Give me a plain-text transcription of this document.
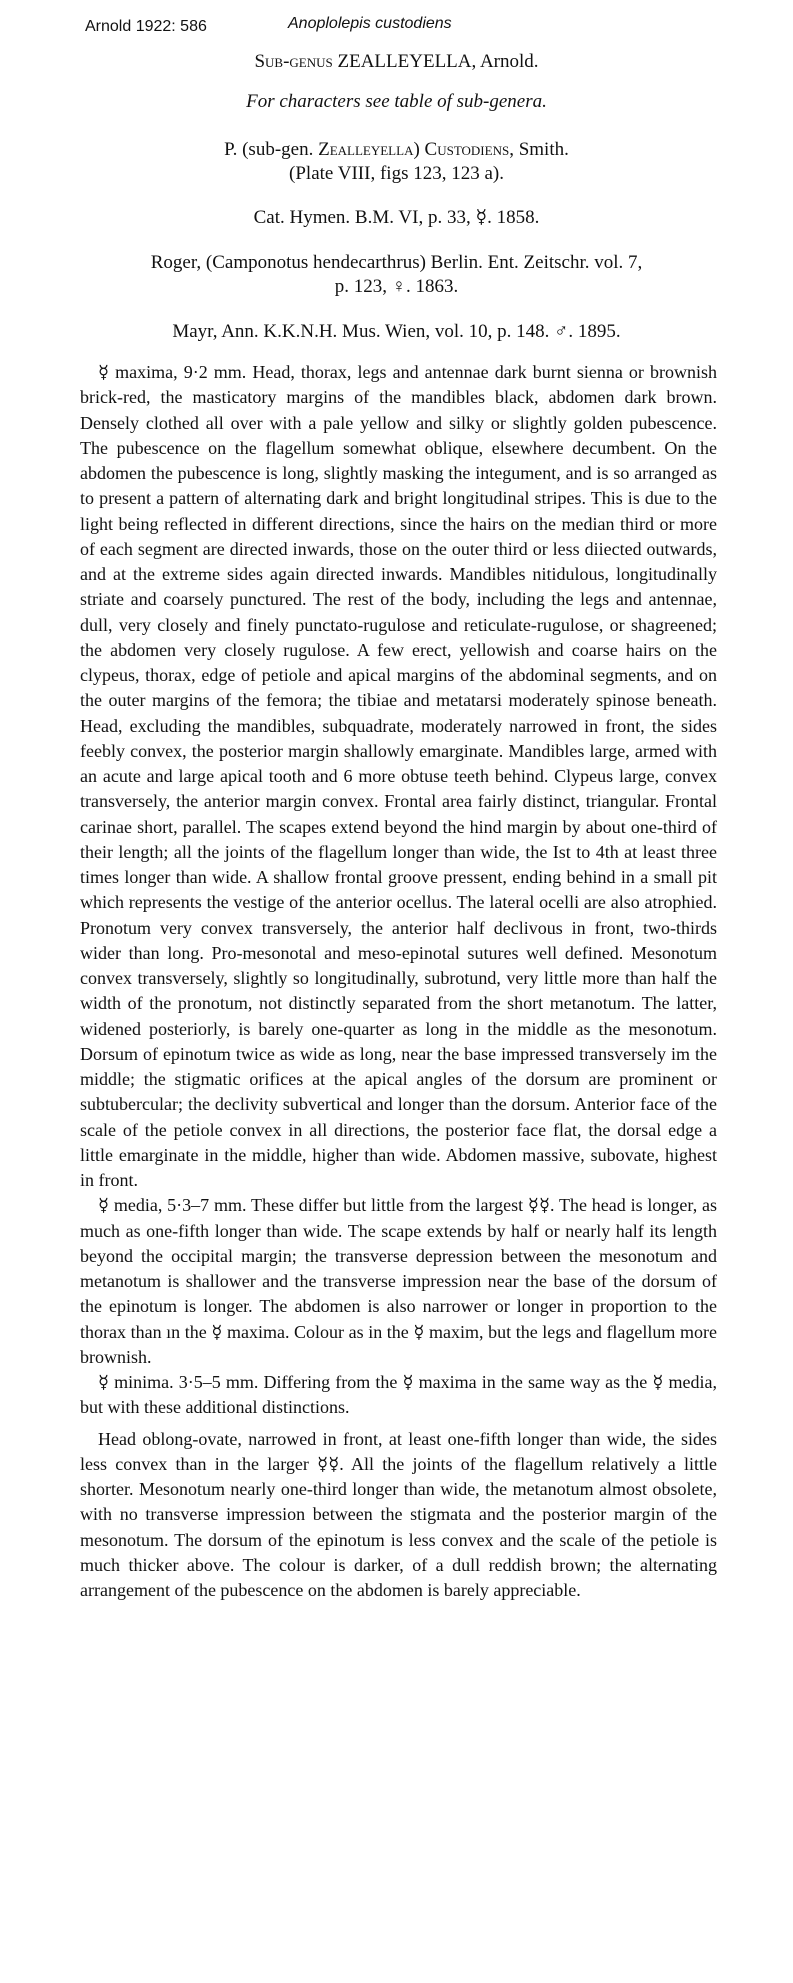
Arnold 1922: 586	Anoplolepis custodiens
Sub-genus ZEALLEYELLA, Arnold.
For characters see table of sub-genera.
P. (sub-gen. Zealleyella) Custodiens, Smith.
(Plate VIII, figs 123, 123 a).
Cat. Hymen. B.M. VI, p. 33, ☿. 1858.
Roger, (Camponotus hendecarthrus) Berlin. Ent. Zeitschr. vol. 7,
p. 123, ♀. 1863.
Mayr, Ann. K.K.N.H. Mus. Wien, vol. 10, p. 148. ♂. 1895.

☿ maxima, 9·2 mm. Head, thorax, legs and antennae dark burnt sienna or brownish brick-red, the masticatory margins of the mandibles black, abdomen dark brown. Densely clothed all over with a pale yellow and silky or slightly golden pubescence. The pubescence on the flagellum somewhat oblique, elsewhere decumbent. On the abdomen the pubescence is long, slightly masking the integument, and is so arranged as to present a pattern of alternating dark and bright longitudinal stripes. This is due to the light being reflected in different directions, since the hairs on the median third or more of each segment are directed inwards, those on the outer third or less diiected outwards, and at the extreme sides again directed inwards. Mandibles nitidulous, longitudinally striate and coarsely punctured. The rest of the body, including the legs and antennae, dull, very closely and finely punctato-rugulose and reticulate-rugulose, or shagreened; the abdomen very closely rugulose. A few erect, yellowish and coarse hairs on the clypeus, thorax, edge of petiole and apical margins of the abdominal segments, and on the outer margins of the femora; the tibiae and metatarsi moderately spinose beneath. Head, excluding the mandibles, subquadrate, moderately narrowed in front, the sides feebly convex, the posterior margin shallowly emarginate. Mandibles large, armed with an acute and large apical tooth and 6 more obtuse teeth behind. Clypeus large, convex transversely, the anterior margin convex. Frontal area fairly distinct, triangular. Frontal carinae short, parallel. The scapes extend beyond the hind margin by about one-third of their length; all the joints of the flagellum longer than wide, the Ist to 4th at least three times longer than wide. A shallow frontal groove pressent, ending behind in a small pit which represents the vestige of the anterior ocellus. The lateral ocelli are also atrophied. Pronotum very convex transversely, the anterior half declivous in front, two-thirds wider than long. Pro-mesonotal and meso-epinotal sutures well defined. Mesonotum convex transversely, slightly so longitudinally, subrotund, very little more than half the width of the pronotum, not distinctly separated from the short metanotum. The latter, widened posteriorly, is barely one-quarter as long in the middle as the mesonotum. Dorsum of epinotum twice as wide as long, near the base impressed transversely im the middle; the stigmatic orifices at the apical angles of the dorsum are prominent or subtubercular; the declivity subvertical and longer than the dorsum. Anterior face of the scale of the petiole convex in all directions, the posterior face flat, the dorsal edge a little emarginate in the middle, higher than wide. Abdomen massive, subovate, highest in front.

☿ media, 5·3–7 mm. These differ but little from the largest ☿☿. The head is longer, as much as one-fifth longer than wide. The scape extends by half or nearly half its length beyond the occipital margin; the transverse depression between the mesonotum and metanotum is shallower and the transverse impression near the base of the dorsum of the epinotum is longer. The abdomen is also narrower or longer in proportion to the thorax than ın the ☿ maxima. Colour as in the ☿ maxim, but the legs and flagellum more brownish.

☿ minima. 3·5–5 mm. Differing from the ☿ maxima in the same way as the ☿ media, but with these additional distinctions.

Head oblong-ovate, narrowed in front, at least one-fifth longer than wide, the sides less convex than in the larger ☿☿. All the joints of the flagellum relatively a little shorter. Mesonotum nearly one-third longer than wide, the metanotum almost obsolete, with no transverse impression between the stigmata and the posterior margin of the mesonotum. The dorsum of the epinotum is less convex and the scale of the petiole is much thicker above. The colour is darker, of a dull reddish brown; the alternating arrangement of the pubescence on the abdomen is barely appreciable.
